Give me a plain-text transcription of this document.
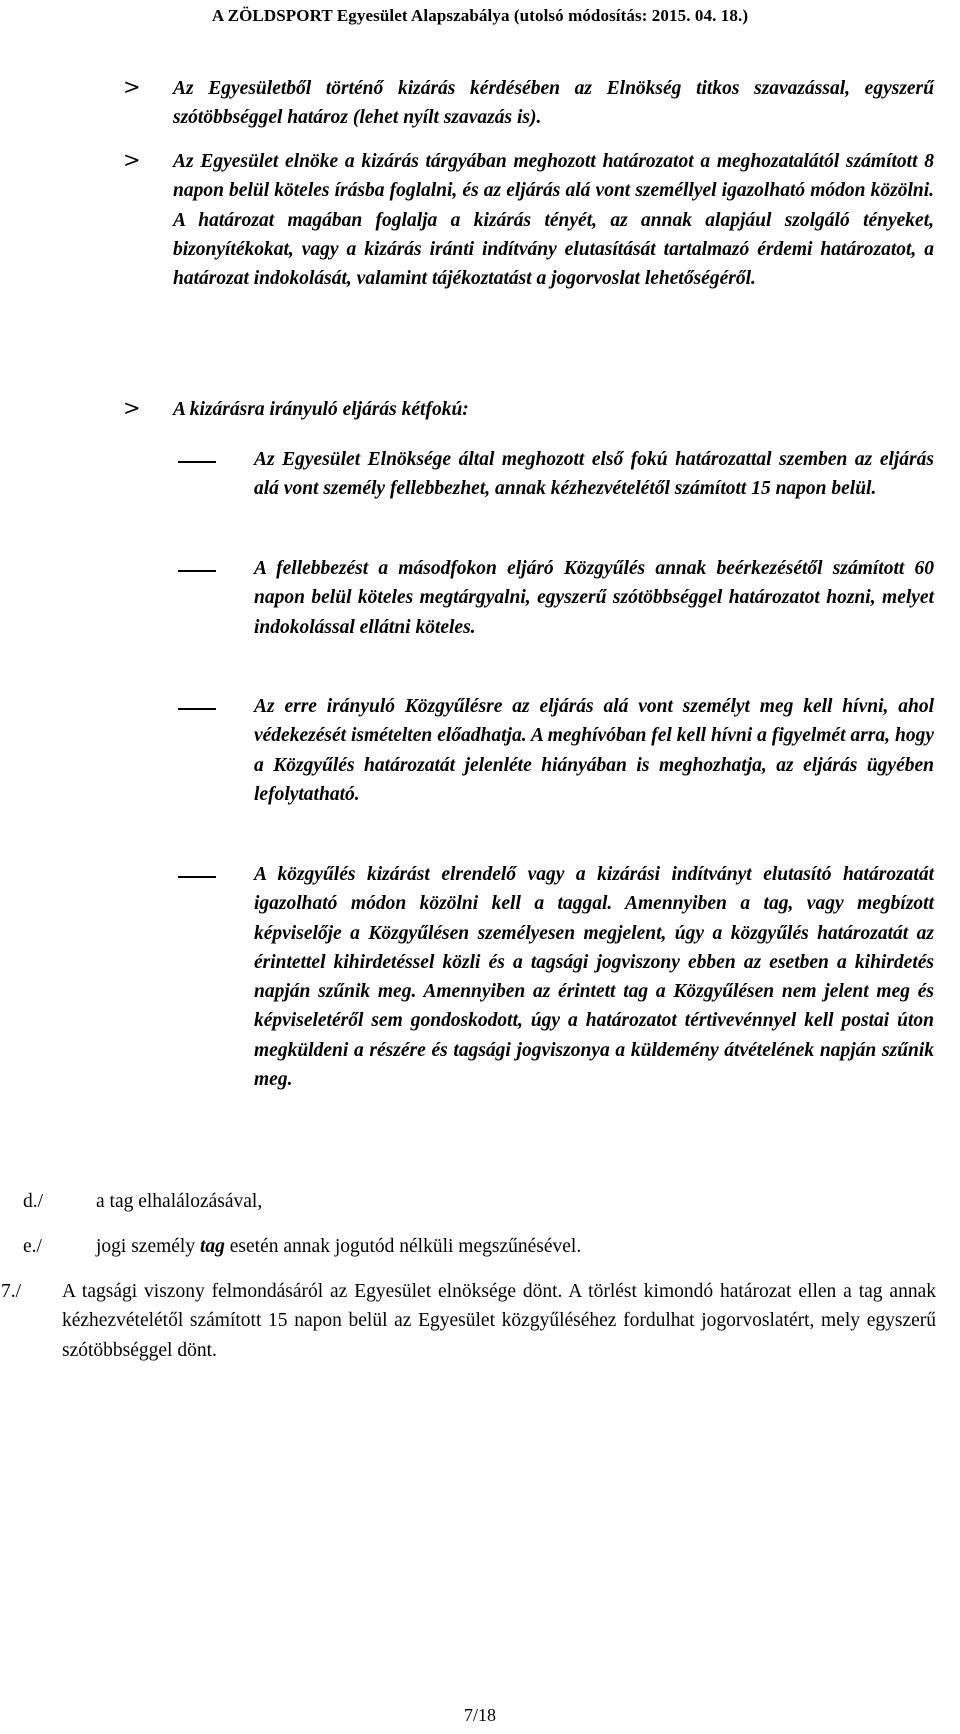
A ZÖLDSPORT Egyesület Alapszabálya (utolsó módosítás: 2015. 04. 18.)
> Az Egyesületből történő kizárás kérdésében az Elnökség titkos szavazással, egyszerű szótöbbséggel határoz (lehet nyílt szavazás is).
> Az Egyesület elnöke a kizárás tárgyában meghozott határozatot a meghozatalától számított 8 napon belül köteles írásba foglalni, és az eljárás alá vont személlyel igazolható módon közölni. A határozat magában foglalja a kizárás tényét, az annak alapjául szolgáló tényeket, bizonyítékokat, vagy a kizárás iránti indítvány elutasítását tartalmazó érdemi határozatot, a határozat indokolását, valamint tájékoztatást a jogorvoslat lehetőségéről.
> A kizárásra irányuló eljárás kétfokú:
Az Egyesület Elnöksége által meghozott első fokú határozattal szemben az eljárás alá vont személy fellebbezhet, annak kézhezvételétől számított 15 napon belül.
A fellebbezést a másodfokon eljáró Közgyűlés annak beérkezésétől számított 60 napon belül köteles megtárgyalni, egyszerű szótöbbséggel határozatot hozni, melyet indokolással ellátni köteles.
Az erre irányuló Közgyűlésre az eljárás alá vont személyt meg kell hívni, ahol védekezését ismételten előadhatja. A meghívóban fel kell hívni a figyelmét arra, hogy a Közgyűlés határozatát jelenléte hiányában is meghozhatja, az eljárás ügyében lefolytatható.
A közgyűlés kizárást elrendelő vagy a kizárási indítványt elutasító határozatát igazolható módon közölni kell a taggal. Amennyiben a tag, vagy megbízott képviselője a Közgyűlésen személyesen megjelent, úgy a közgyűlés határozatát az érintettel kihirdetéssel közli és a tagsági jogviszony ebben az esetben a kihirdetés napján szűnik meg. Amennyiben az érintett tag a Közgyűlésen nem jelent meg és képviseletéről sem gondoskodott, úgy a határozatot tértivevénnyel kell postai úton megküldeni a részére és tagsági jogviszonya a küldemény átvételének napján szűnik meg.
d./	a tag elhalálozásával,
e./	jogi személy tag esetén annak jogutód nélküli megszűnésével.
7./ A tagsági viszony felmondásáról az Egyesület elnöksége dönt. A törlést kimondó határozat ellen a tag annak kézhezvételétől számított 15 napon belül az Egyesület közgyűléséhez fordulhat jogorvoslatért, mely egyszerű szótöbbséggel dönt.
7/18
